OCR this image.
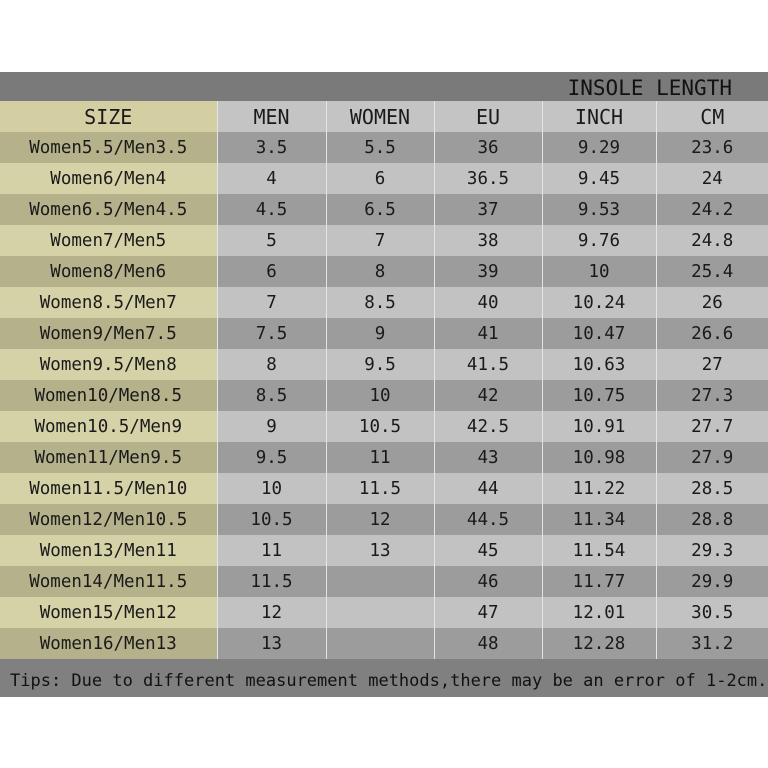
INSOLE LENGTH
SIZE	MEN	WOMEN	EU	INCH	CM
Women5.5/Men3.5	3.5	5.5	36	9.29	23.6
Women6/Men4	4	6	36.5	9.45	24
Women6.5/Men4.5	4.5	6.5	37	9.53	24.2
Women7/Men5	5	7	38	9.76	24.8
Women8/Men6	6	8	39	10	25.4
Women8.5/Men7	7	8.5	40	10.24	26
Women9/Men7.5	7.5	9	41	10.47	26.6
Women9.5/Men8	8	9.5	41.5	10.63	27
Women10/Men8.5	8.5	10	42	10.75	27.3
Women10.5/Men9	9	10.5	42.5	10.91	27.7
Women11/Men9.5	9.5	11	43	10.98	27.9
Women11.5/Men10	10	11.5	44	11.22	28.5
Women12/Men10.5	10.5	12	44.5	11.34	28.8
Women13/Men11	11	13	45	11.54	29.3
Women14/Men11.5	11.5		46	11.77	29.9
Women15/Men12	12		47	12.01	30.5
Women16/Men13	13		48	12.28	31.2
Tips: Due to different measurement methods,there may be an error of 1-2cm.
